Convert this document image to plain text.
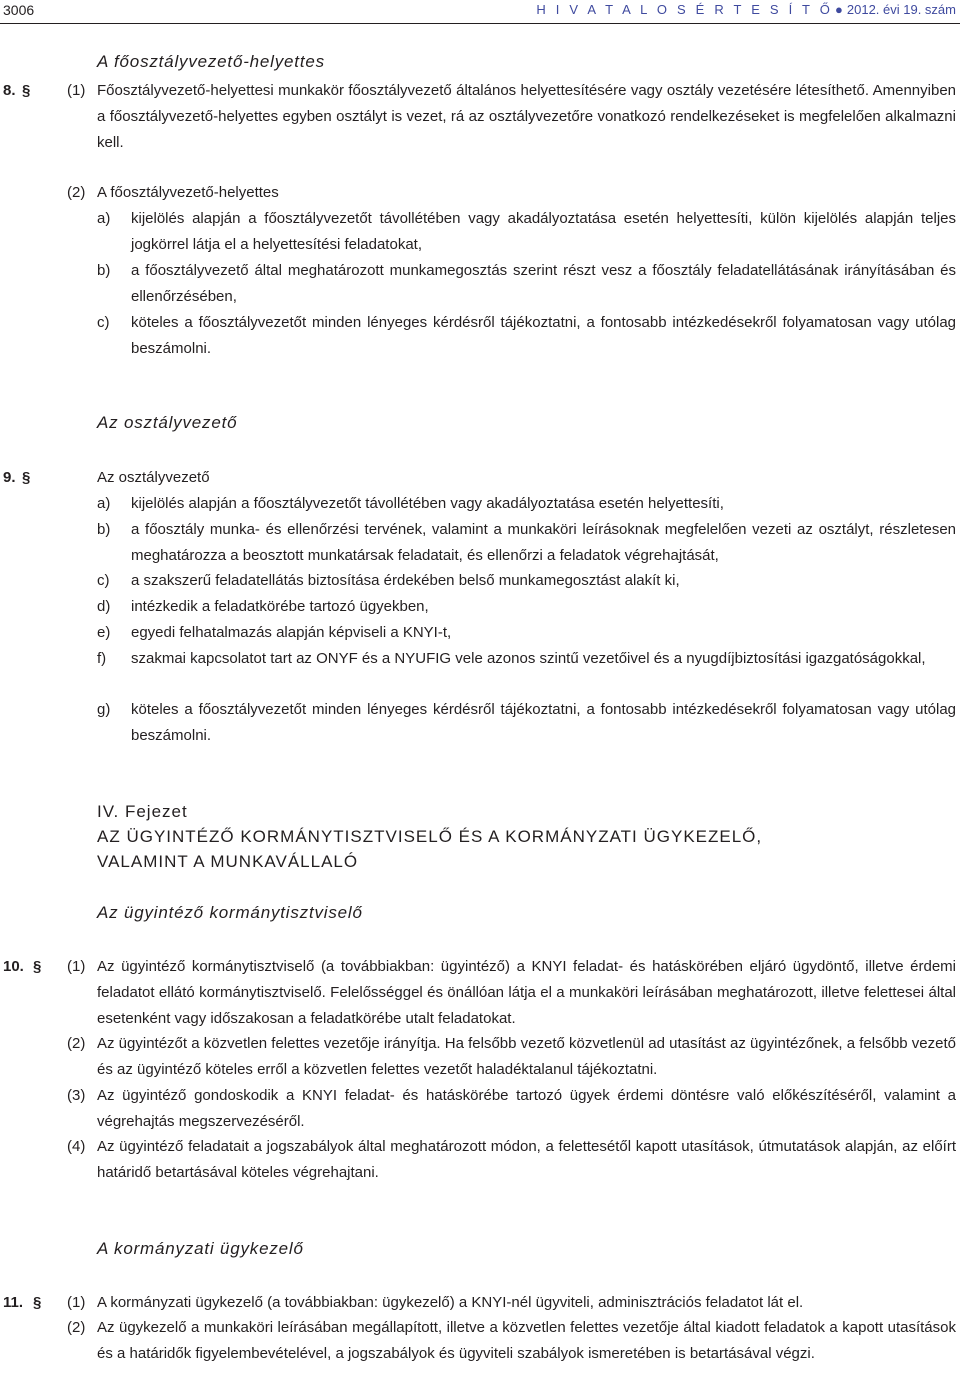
3006	H I V A T A L O S É R T E S Í T Ő ● 2012. évi 19. szám
A főosztályvezető-helyettes
8. § (1) Főosztályvezető-helyettesi munkakör főosztályvezető általános helyettesítésére vagy osztály vezetésére létesíthető. Amennyiben a főosztályvezető-helyettes egyben osztályt is vezet, rá az osztályvezetőre vonatkozó rendelkezéseket is megfelelően alkalmazni kell.
(2) A főosztályvezető-helyettes
a) kijelölés alapján a főosztályvezetőt távollétében vagy akadályoztatása esetén helyettesíti, külön kijelölés alapján teljes jogkörrel látja el a helyettesítési feladatokat,
b) a főosztályvezető által meghatározott munkamegosztás szerint részt vesz a főosztály feladatellátásának irányításában és ellenőrzésében,
c) köteles a főosztályvezetőt minden lényeges kérdésről tájékoztatni, a fontosabb intézkedésekről folyamatosan vagy utólag beszámolni.
Az osztályvezető
9. §	Az osztályvezető
a) kijelölés alapján a főosztályvezetőt távollétében vagy akadályoztatása esetén helyettesíti,
b) a főosztály munka- és ellenőrzési tervének, valamint a munkaköri leírásoknak megfelelően vezeti az osztályt, részletesen meghatározza a beosztott munkatársak feladatait, és ellenőrzi a feladatok végrehajtását,
c) a szakszerű feladatellátás biztosítása érdekében belső munkamegosztást alakít ki,
d) intézkedik a feladatkörébe tartozó ügyekben,
e) egyedi felhatalmazás alapján képviseli a KNYI-t,
f) szakmai kapcsolatot tart az ONYF és a NYUFIG vele azonos szintű vezetőivel és a nyugdíjbiztosítási igazgatóságokkal,
g) köteles a főosztályvezetőt minden lényeges kérdésről tájékoztatni, a fontosabb intézkedésekről folyamatosan vagy utólag beszámolni.
IV. Fejezet
AZ ÜGYINTÉZŐ KORMÁNYTISZTVISELŐ ÉS A KORMÁNYZATI ÜGYKEZELŐ,
VALAMINT A MUNKAVÁLLALÓ
Az ügyintéző kormánytisztviselő
10. § (1) Az ügyintéző kormánytisztviselő (a továbbiakban: ügyintéző) a KNYI feladat- és hatáskörében eljáró ügydöntő, illetve érdemi feladatot ellátó kormánytisztviselő. Felelősséggel és önállóan látja el a munkaköri leírásában meghatározott, illetve felettesei által esetenként vagy időszakosan a feladatkörébe utalt feladatokat.
(2) Az ügyintézőt a közvetlen felettes vezetője irányítja. Ha felsőbb vezető közvetlenül ad utasítást az ügyintézőnek, a felsőbb vezető és az ügyintéző köteles erről a közvetlen felettes vezetőt haladéktalanul tájékoztatni.
(3) Az ügyintéző gondoskodik a KNYI feladat- és hatáskörébe tartozó ügyek érdemi döntésre való előkészítéséről, valamint a végrehajtás megszervezéséről.
(4) Az ügyintéző feladatait a jogszabályok által meghatározott módon, a felettesétől kapott utasítások, útmutatások alapján, az előírt határidő betartásával köteles végrehajtani.
A kormányzati ügykezelő
11. § (1) A kormányzati ügykezelő (a továbbiakban: ügykezelő) a KNYI-nél ügyviteli, adminisztrációs feladatot lát el.
(2) Az ügykezelő a munkaköri leírásában megállapított, illetve a közvetlen felettes vezetője által kiadott feladatok a kapott utasítások és a határidők figyelembevételével, a jogszabályok és ügyviteli szabályok ismeretében is betartásával végzi.
